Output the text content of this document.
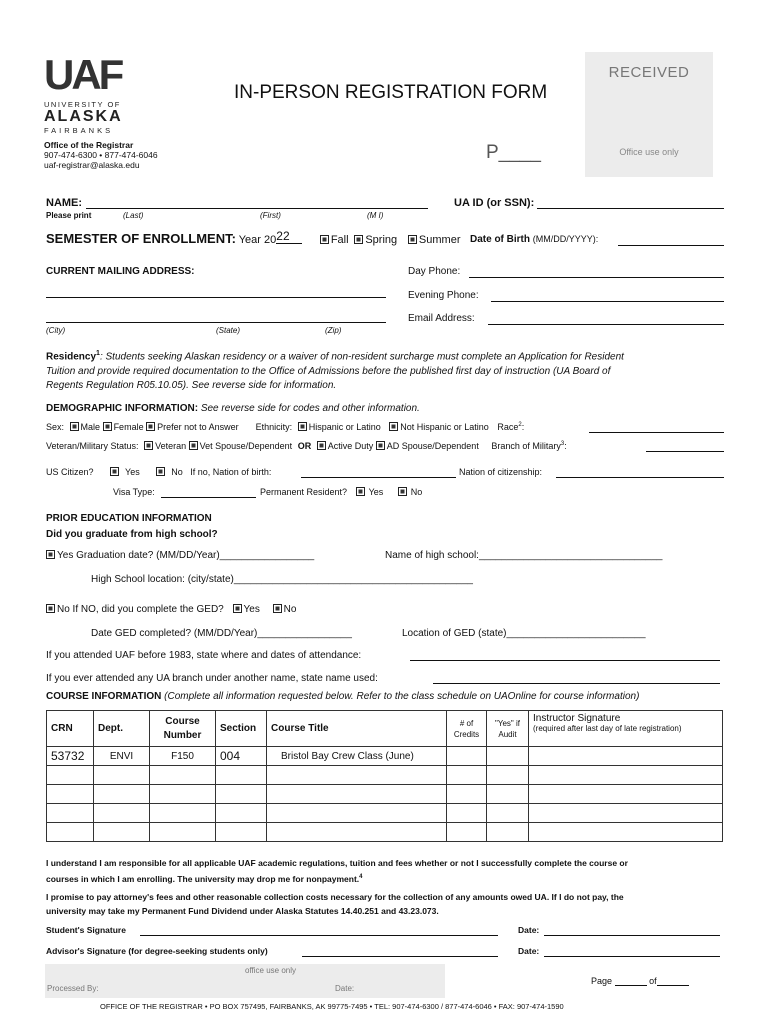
UAF
UNIVERSITY OF
ALASKA
FAIRBANKS
Office of the Registrar
907-474-6300 • 877-474-6046
uaf-registrar@alaska.edu
IN-PERSON REGISTRATION FORM
P____
RECEIVED
Office use only
NAME:
Please print	(Last)	(First)	(M I)
UA ID (or SSN):
SEMESTER OF ENROLLMENT: Year 2022	Fall Spring Summer Date of Birth (MM/DD/YYYY):
CURRENT MAILING ADDRESS:
(City)	(State)	(Zip)
Day Phone:
Evening Phone:
Email Address:
Residency$^1$: Students seeking Alaskan residency or a waiver of non-resident surcharge must complete an Application for Resident
Tuition and provide required documentation to the Office of Admissions before the published first day of instruction (UA Board of
Regents Regulation R05.10.05). See reverse side for information.
DEMOGRAPHIC INFORMATION: See reverse side for codes and other information.
Sex: Male Female Prefer not to Answer Ethnicity: Hispanic or Latino Not Hispanic or Latino Race$^2$:
Veteran/Military Status: Veteran Vet Spouse/Dependent OR Active Duty AD Spouse/Dependent Branch of Military$^3$:
US Citizen?	Yes	No If no, Nation of birth:	Nation of citizenship:
Visa Type:	Permanent Resident? Yes	No
PRIOR EDUCATION INFORMATION
Did you graduate from high school?
Yes Graduation date? (MM/DD/Year)_________________	Name of high school:_________________________________
High School location: (city/state)___________________________________________
No If NO, did you complete the GED? Yes No
Date GED completed? (MM/DD/Year)_________________	Location of GED (state)_________________________
If you attended UAF before 1983, state where and dates of attendance:
If you ever attended any UA branch under another name, state name used:
COURSE INFORMATION (Complete all information requested below. Refer to the class schedule on UAOnline for course information)
CRN	Dept.	Course Number	Section	Course Title	# of Credits	"Yes" if Audit	Instructor Signature
(required after last day of late registration)

53732	ENVI	F150	004	Bristol Bay Crew Class (June)			

I understand I am responsible for all applicable UAF academic regulations, tuition and fees whether or not I successfully complete the course or
courses in which I am enrolling. The university may drop me for nonpayment.$^4$
I promise to pay attorney's fees and other reasonable collection costs necessary for the collection of any amounts owed UA. If I do not pay, the
university may take my Permanent Fund Dividend under Alaska Statutes 14.40.251 and 43.23.073.
Student's Signature	Date:
Advisor's Signature (for degree-seeking students only)	Date:
office use only
Processed By:	Date:
Page	of
OFFICE OF THE REGISTRAR • PO BOX 757495, FAIRBANKS, AK 99775-7495 • TEL: 907-474-6300 / 877-474-6046 • FAX: 907-474-1590
